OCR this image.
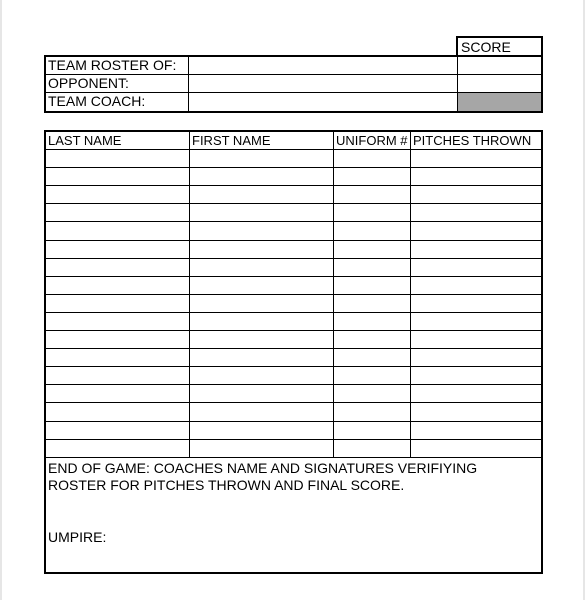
SCORE
TEAM ROSTER OF:
OPPONENT:
TEAM COACH:
LAST NAME	FIRST NAME	UNIFORM # PITCHES THROWN

END OF GAME: COACHES NAME AND SIGNATURES VERIFIYING
ROSTER FOR PITCHES THROWN AND FINAL SCORE.

UMPIRE:
